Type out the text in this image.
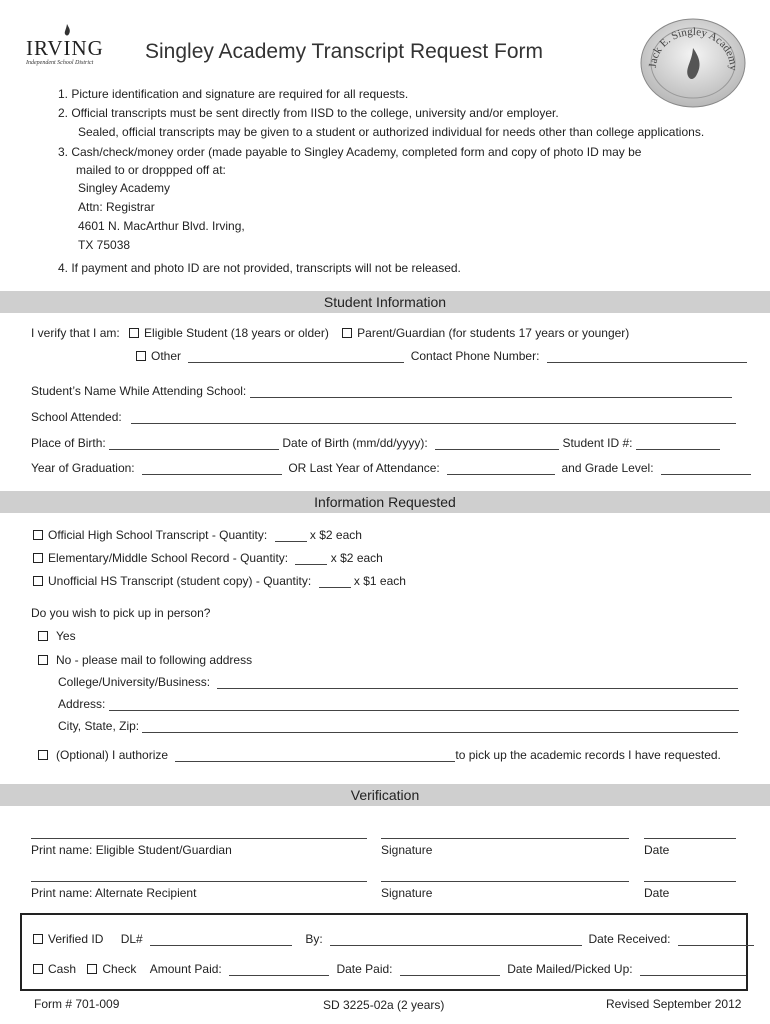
IRVING
Independent School District Singley Academy Transcript Request Form
Jack E. Singley Academy
1. Picture identification and signature are required for all requests.
2. Official transcripts must be sent directly from IISD to the college, university and/or employer.
Sealed, official transcripts may be given to a student or authorized individual for needs other than college applications.
3. Cash/check/money order (made payable to Singley Academy, completed form and copy of photo ID may be
mailed to or droppped off at:
Singley Academy
Attn: Registrar
4601 N. MacArthur Blvd. Irving,
TX 75038
4. If payment and photo ID are not provided, transcripts will not be released.
Student Information
I verify that I am: Eligible Student (18 years or older) Parent/Guardian (for students 17 years or younger)
Other	Contact Phone Number:
Student’s Name While Attending School:
School Attended:
Place of Birth:	Date of Birth (mm/dd/yyyy):	Student ID #:
Year of Graduation:	OR Last Year of Attendance:	and Grade Level:
Information Requested
Official High School Transcript - Quantity:	x $2 each
Elementary/Middle School Record - Quantity:	x $2 each
Unofficial HS Transcript (student copy) - Quantity:	x $1 each
Do you wish to pick up in person?
Yes
No - please mail to following address
College/University/Business:
Address:
City, State, Zip:
(Optional) I authorize	to pick up the academic records I have requested.
Verification
Print name: Eligible Student/Guardian	Signature	Date
Print name: Alternate Recipient	Signature	Date
Verified ID DL#	By:	Date Received:
Cash Check Amount Paid:	Date Paid:	Date Mailed/Picked Up:
Form # 701-009	SD 3225-02a (2 years)	Revised September 2012
